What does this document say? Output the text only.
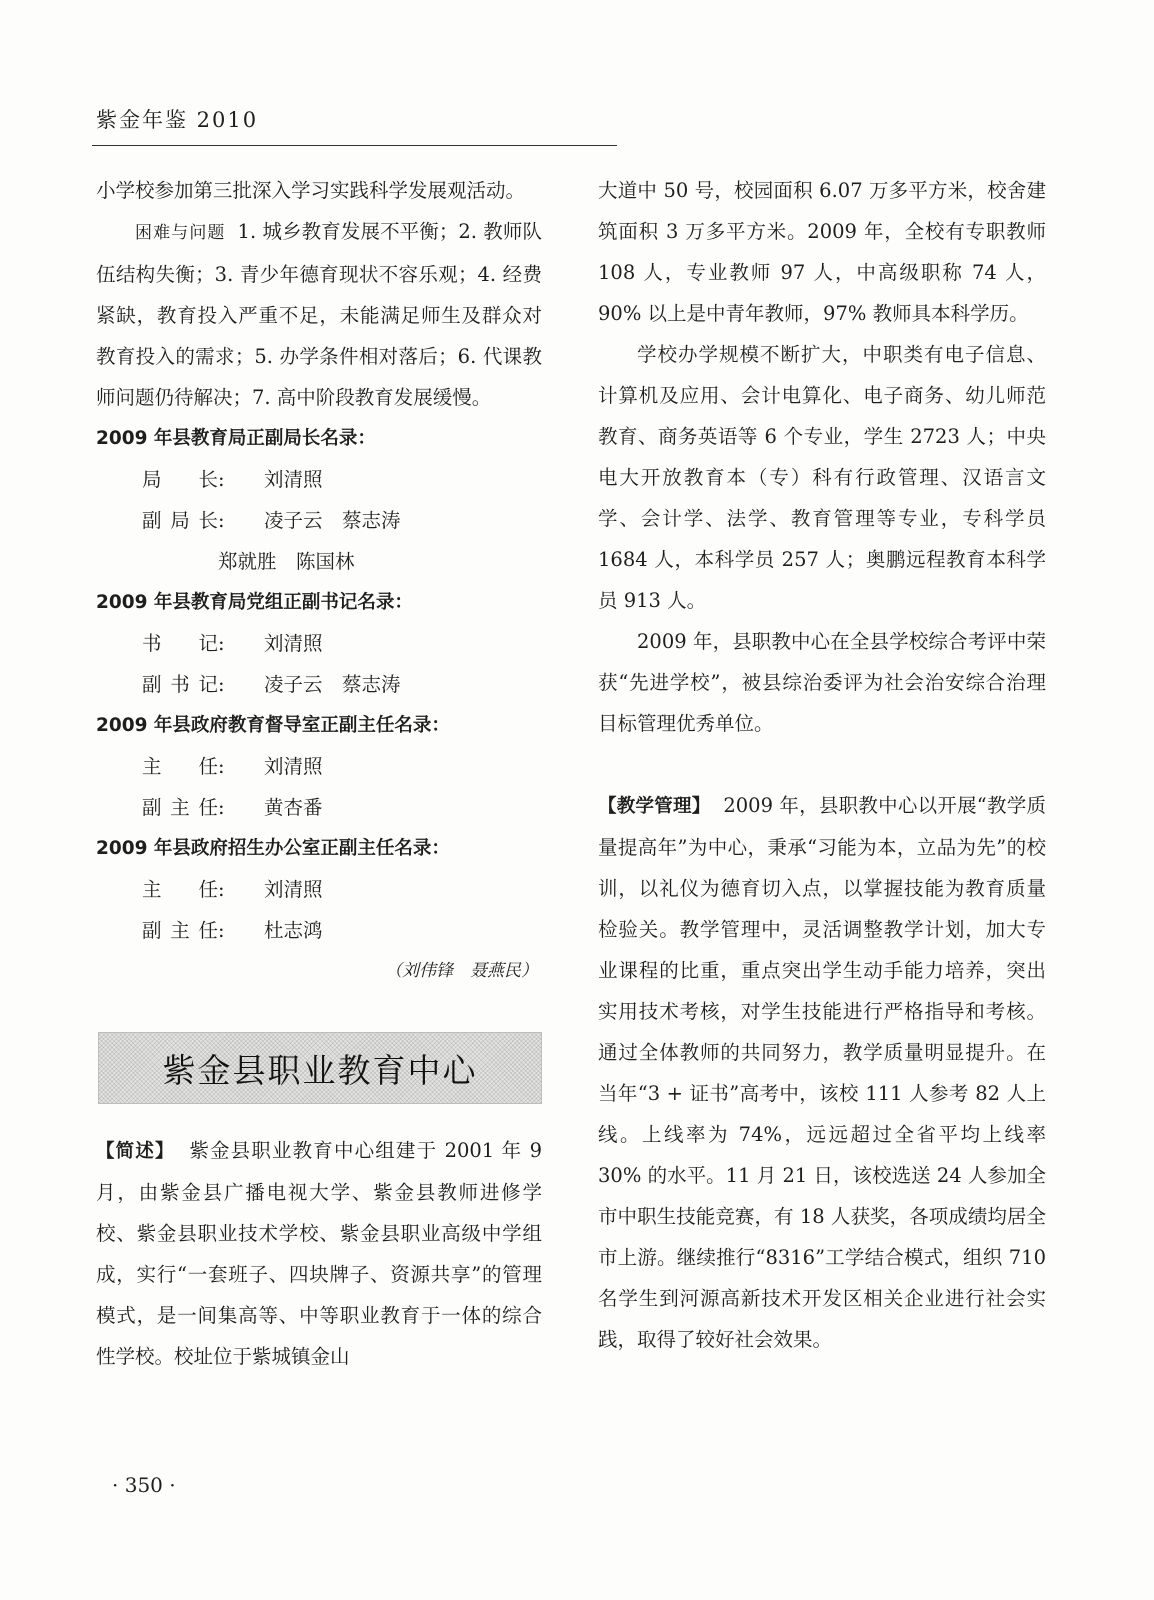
紫金年鉴 2010

小学校参加第三批深入学习实践科学发展观活动。

困难与问题 1. 城乡教育发展不平衡；2. 教师队伍结构失衡；3. 青少年德育现状不容乐观；4. 经费紧缺，教育投入严重不足，未能满足师生及群众对教育投入的需求；5. 办学条件相对落后；6. 代课教师问题仍待解决；7. 高中阶段教育发展缓慢。

2009 年县教育局正副局长名录：

局　长: 刘清照
副局长: 凌子云　蔡志涛
郑就胜　陈国林

2009 年县教育局党组正副书记名录：

书　记: 刘清照
副书记: 凌子云　蔡志涛

2009 年县政府教育督导室正副主任名录：

主　任: 刘清照
副主任: 黄杏番

2009 年县政府招生办公室正副主任名录：

主　任: 刘清照
副主任: 杜志鸿
（刘伟锋　聂燕民）
紫金县职业教育中心

【简述】 紫金县职业教育中心组建于 2001 年 9 月，由紫金县广播电视大学、紫金县教师进修学校、紫金县职业技术学校、紫金县职业高级中学组成，实行“一套班子、四块牌子、资源共享”的管理模式，是一间集高等、中等职业教育于一体的综合性学校。校址位于紫城镇金山

大道中 50 号，校园面积 6.07 万多平方米，校舍建筑面积 3 万多平方米。2009 年，全校有专职教师 108 人，专业教师 97 人，中高级职称 74 人，90% 以上是中青年教师，97% 教师具本科学历。

学校办学规模不断扩大，中职类有电子信息、计算机及应用、会计电算化、电子商务、幼儿师范教育、商务英语等 6 个专业，学生 2723 人；中央电大开放教育本（专）科有行政管理、汉语言文学、会计学、法学、教育管理等专业，专科学员 1684 人，本科学员 257 人；奥鹏远程教育本科学员 913 人。

2009 年，县职教中心在全县学校综合考评中荣获“先进学校”，被县综治委评为社会治安综合治理目标管理优秀单位。

【教学管理】 2009 年，县职教中心以开展“教学质量提高年”为中心，秉承“习能为本，立品为先”的校训，以礼仪为德育切入点，以掌握技能为教育质量检验关。教学管理中，灵活调整教学计划，加大专业课程的比重，重点突出学生动手能力培养，突出实用技术考核，对学生技能进行严格指导和考核。通过全体教师的共同努力，教学质量明显提升。在当年“3 + 证书”高考中，该校 111 人参考 82 人上线。上线率为 74%，远远超过全省平均上线率 30% 的水平。11 月 21 日，该校选送 24 人参加全市中职生技能竞赛，有 18 人获奖，各项成绩均居全市上游。继续推行“8316”工学结合模式，组织 710 名学生到河源高新技术开发区相关企业进行社会实践，取得了较好社会效果。

· 350 ·
